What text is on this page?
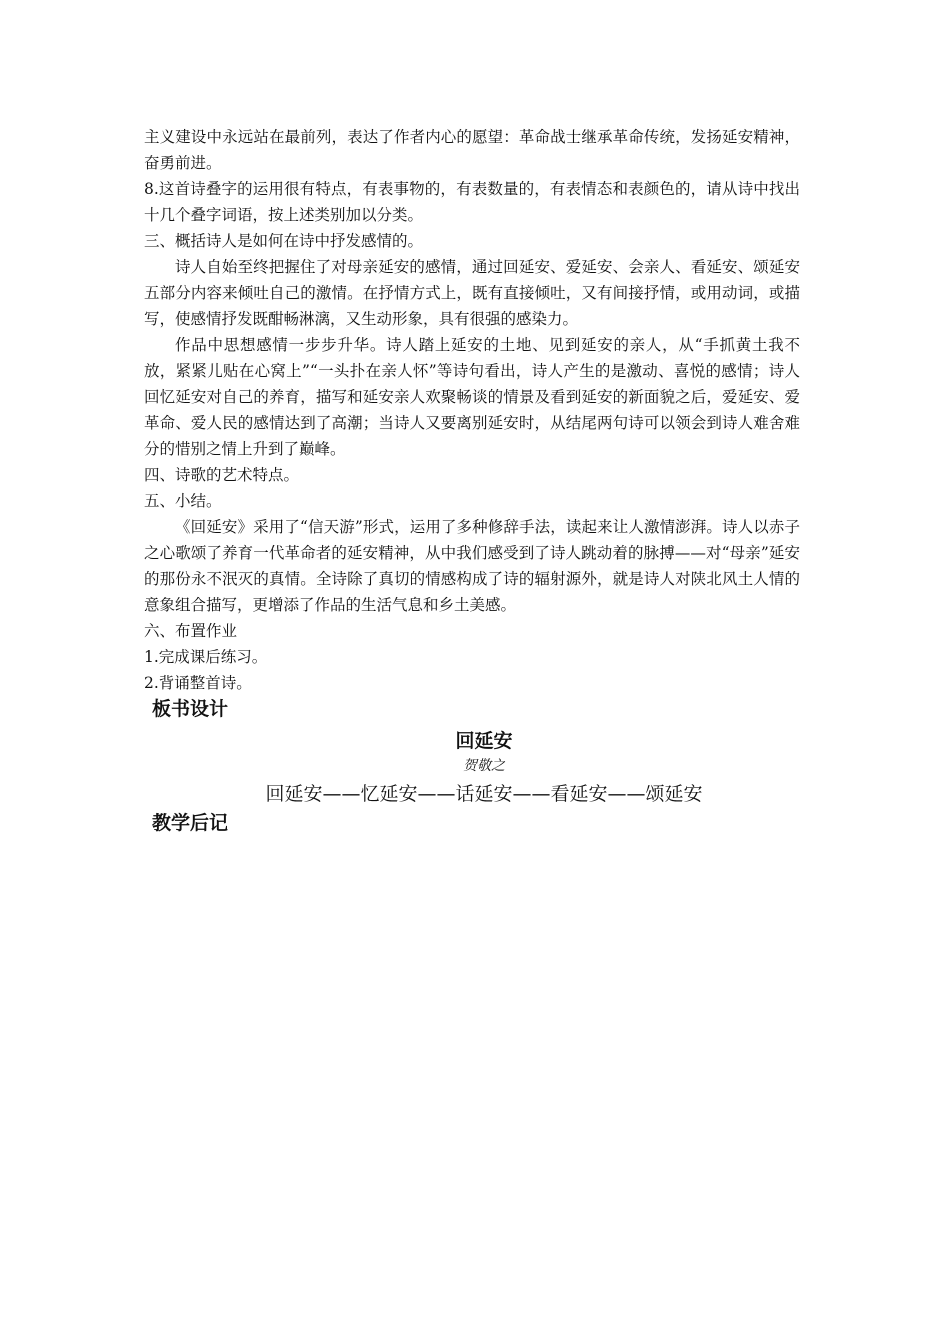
主义建设中永远站在最前列，表达了作者内心的愿望：革命战士继承革命传统，发扬延安精神，奋勇前进。

8.这首诗叠字的运用很有特点，有表事物的，有表数量的，有表情态和表颜色的，请从诗中找出十几个叠字词语，按上述类别加以分类。

三、概括诗人是如何在诗中抒发感情的。

诗人自始至终把握住了对母亲延安的感情，通过回延安、爱延安、会亲人、看延安、颂延安五部分内容来倾吐自己的激情。在抒情方式上，既有直接倾吐，又有间接抒情，或用动词，或描写，使感情抒发既酣畅淋漓，又生动形象，具有很强的感染力。

作品中思想感情一步步升华。诗人踏上延安的土地、见到延安的亲人，从“手抓黄土我不放，紧紧儿贴在心窝上”“一头扑在亲人怀”等诗句看出，诗人产生的是激动、喜悦的感情；诗人回忆延安对自己的养育，描写和延安亲人欢聚畅谈的情景及看到延安的新面貌之后，爱延安、爱革命、爱人民的感情达到了高潮；当诗人又要离别延安时，从结尾两句诗可以领会到诗人难舍难分的惜别之情上升到了巅峰。

四、诗歌的艺术特点。

五、小结。

《回延安》采用了“信天游”形式，运用了多种修辞手法，读起来让人激情澎湃。诗人以赤子之心歌颂了养育一代革命者的延安精神，从中我们感受到了诗人跳动着的脉搏——对“母亲”延安的那份永不泯灭的真情。全诗除了真切的情感构成了诗的辐射源外，就是诗人对陕北风土人情的意象组合描写，更增添了作品的生活气息和乡土美感。

六、布置作业

1.完成课后练习。

2.背诵整首诗。

板书设计
回延安
贺敬之
回延安——忆延安——话延安——看延安——颂延安
教学后记
